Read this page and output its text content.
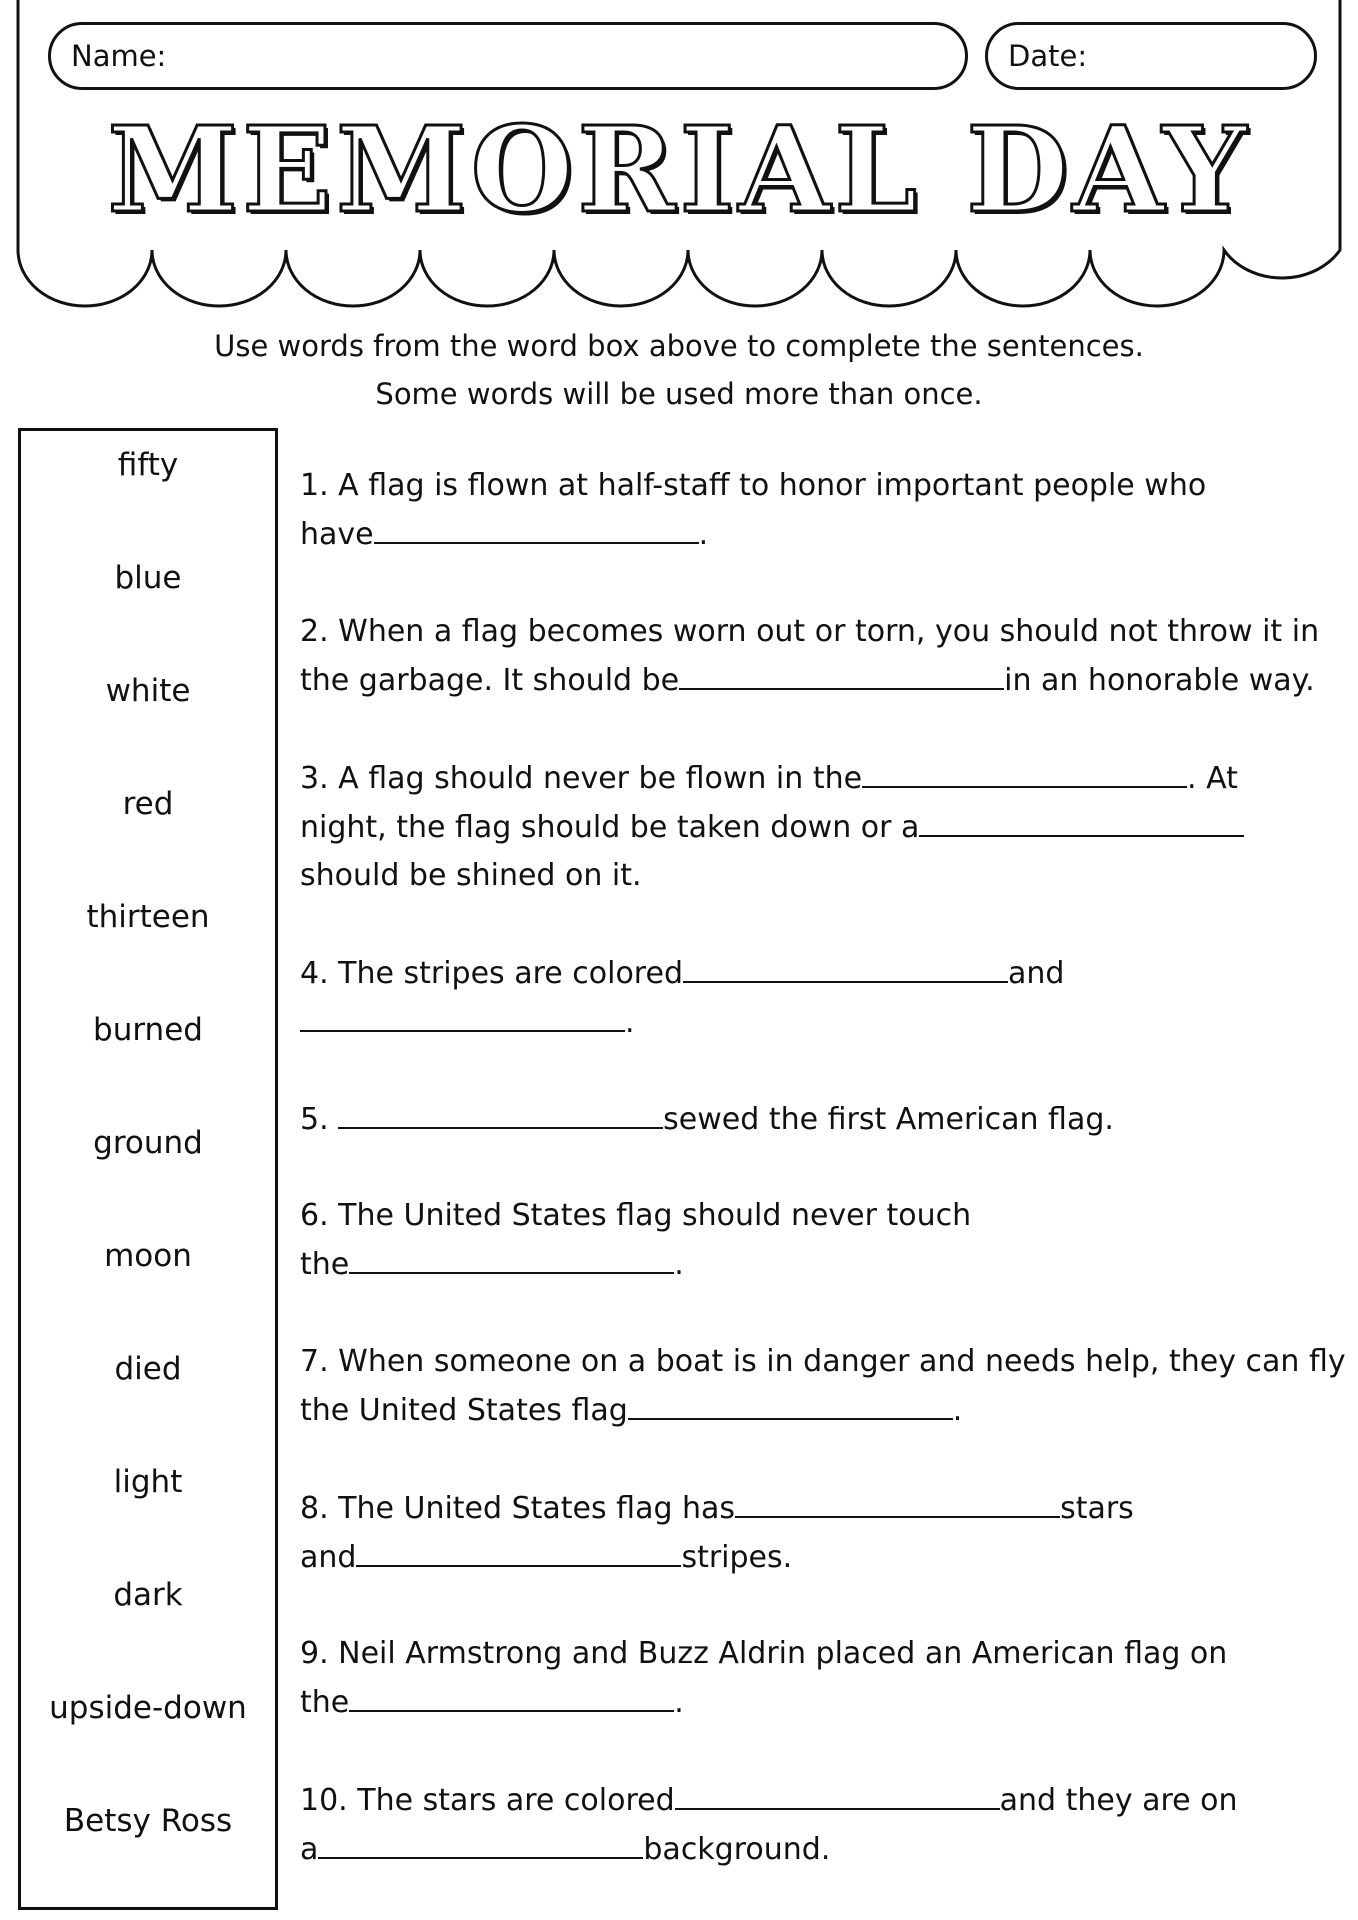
Name:	Date:
MEMORIAL DAY
Use words from the word box above to complete the sentences.
Some words will be used more than once.
fifty
blue
white
red
thirteen
burned
ground
moon
died
light
dark
upside-down
Betsy Ross
1. A flag is flown at half-staff to honor important people who
have	.
2. When a flag becomes worn out or torn, you should not throw it in
the garbage. It should be	in an honorable way.
3. A flag should never be flown in the	. At
night, the flag should be taken down or a
should be shined on it.
4. The stripes are colored	and
.
5.	sewed the first American flag.
6. The United States flag should never touch
the	.
7. When someone on a boat is in danger and needs help, they can fly
the United States flag	.
8. The United States flag has	stars
and	stripes.
9. Neil Armstrong and Buzz Aldrin placed an American flag on
the	.
10. The stars are colored	and they are on
a	background.
